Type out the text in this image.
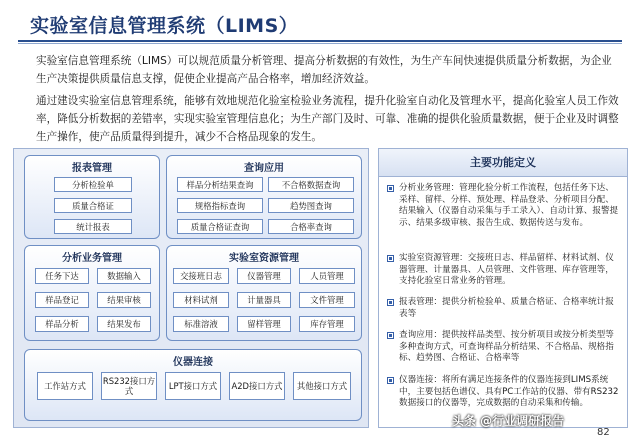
实验室信息管理系统（LIMS）
实验室信息管理系统（LIMS）可以规范质量分析管理、提高分析数据的有效性，为生产车间快速提供质量分析数据，为企业生产决策提供质量信息支撑，促使企业提高产品合格率，增加经济效益。
通过建设实验室信息管理系统，能够有效地规范化验室检验业务流程，提升化验室自动化及管理水平，提高化验室人员工作效率，降低分析数据的差错率，实现实验室管理信息化；为生产部门及时、可靠、准确的提供化验质量数据，便于企业及时调整生产操作，使产品质量得到提升，减少不合格品现象的发生。
报表管理
分析检验单
质量合格证
统计报表
查询应用
样品分析结果查询	不合格数据查询
规格指标查询	趋势图查询
质量合格证查询	合格率查询
分析业务管理
任务下达	数据输入
样品登记	结果审核
样品分析	结果发布
实验室资源管理
交接班日志	仪器管理	人员管理
材料试剂	计量器具	文件管理
标准溶液	留样管理	库存管理
仪器连接
工作站方式	RS232接口方式	LPT接口方式	A2D接口方式	其他接口方式
主要功能定义
分析业务管理：管理化验分析工作流程，包括任务下达、采样、留样、分样、预处理、样品登录、分析项目分配、结果输入（仪器自动采集与手工录入）、自动计算、报警提示、结果多级审核、报告生成、数据传送与发布。
实验室资源管理：交接班日志、样品留样、材料试剂、仪器管理、计量器具、人员管理、文件管理、库存管理等，支持化验室日常业务的管理。
报表管理：提供分析检验单、质量合格证、合格率统计报表等
查询应用：提供按样品类型、按分析项目或按分析类型等多种查询方式，可查询样品分析结果、不合格品、规格指标、趋势图、合格证、合格率等
仪器连接：将所有满足连接条件的仪器连接到LIMS系统中，主要包括色谱仪、具有PC工作站的仪器、带有RS232数据接口的仪器等，完成数据的自动采集和传输。
头条 @行业调研报告
82
